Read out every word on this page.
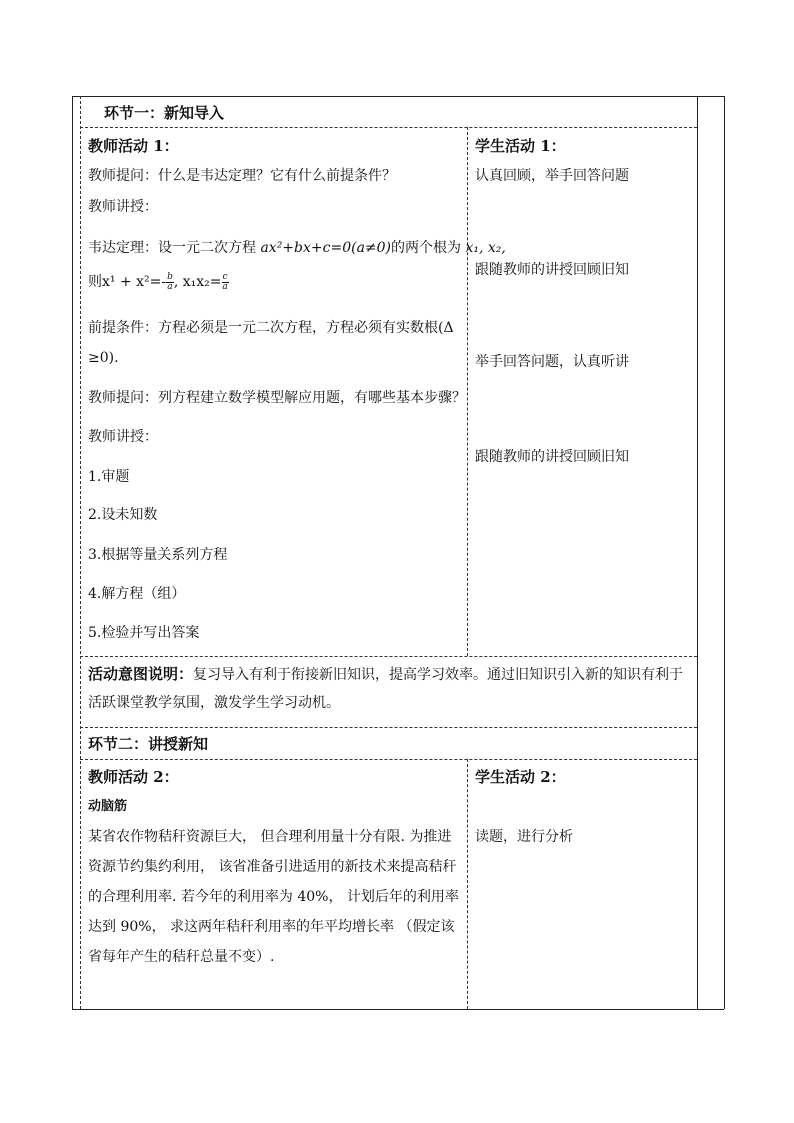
环节一：新知导入
教师活动 1：	学生活动 1：
教师提问：什么是韦达定理？它有什么前提条件？
教师讲授：
韦达定理：设一元二次方程 ax²+bx+c=0(a≠0)的两个根为 x₁, x₂,
则$x^1 + x^2=- \frac{b}{a}$ , $x_1x_2= \frac{c}{a}$
前提条件：方程必须是一元二次方程，方程必须有实数根(Δ
≥0).
教师提问：列方程建立数学模型解应用题，有哪些基本步骤？
教师讲授：
1.审题
2.设未知数
3.根据等量关系列方程
4.解方程（组）
5.检验并写出答案
认真回顾，举手回答问题
跟随教师的讲授回顾旧知
举手回答问题，认真听讲
跟随教师的讲授回顾旧知
活动意图说明：复习导入有利于衔接新旧知识，提高学习效率。通过旧知识引入新的知识有利于
活跃课堂教学氛围，激发学生学习动机。
环节二：讲授新知
教师活动 2：	学生活动 2：
动脑筋
某省农作物秸秆资源巨大， 但合理利用量十分有限. 为推进
资源节约集约利用， 该省准备引进适用的新技术来提高秸秆
的合理利用率. 若今年的利用率为 40%， 计划后年的利用率
达到 90%， 求这两年秸秆利用率的年平均增长率 （假定该
省每年产生的秸秆总量不变）.
读题，进行分析
